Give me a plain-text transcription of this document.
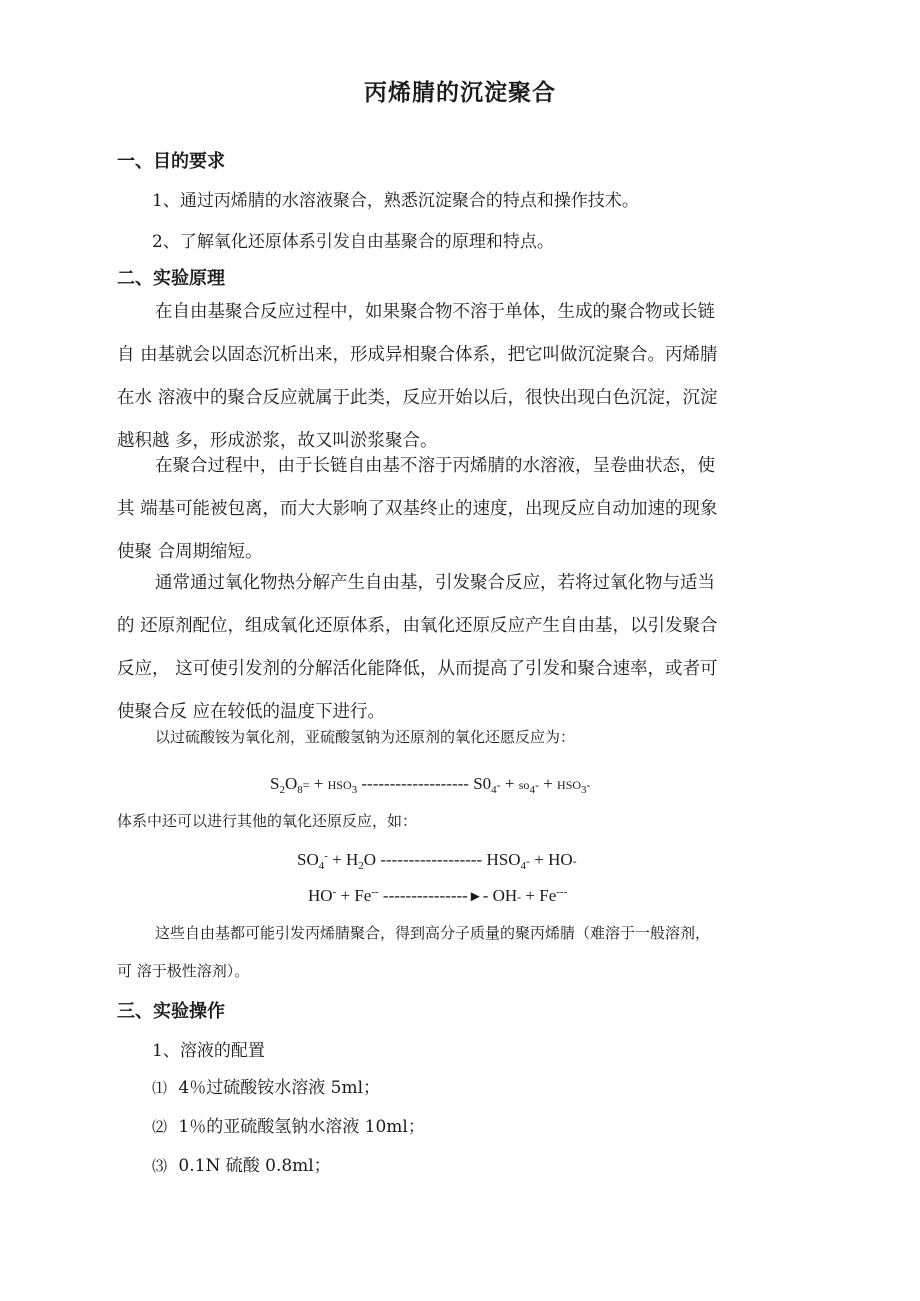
丙烯腈的沉淀聚合
一、目的要求
1、通过丙烯腈的水溶液聚合，熟悉沉淀聚合的特点和操作技术。
2、了解氧化还原体系引发自由基聚合的原理和特点。
二、实验原理
在自由基聚合反应过程中，如果聚合物不溶于单体，生成的聚合物或长链
自 由基就会以固态沉析出来，形成异相聚合体系，把它叫做沉淀聚合。丙烯腈
在水 溶液中的聚合反应就属于此类，反应开始以后，很快出现白色沉淀，沉淀
越积越 多，形成淤浆，故又叫淤浆聚合。
在聚合过程中，由于长链自由基不溶于丙烯腈的水溶液，呈卷曲状态，使
其 端基可能被包离，而大大影响了双基终止的速度，出现反应自动加速的现象
使聚 合周期缩短。
通常通过氧化物热分解产生自由基，引发聚合反应，若将过氧化物与适当
的 还原剂配位，组成氧化还原体系，由氧化还原反应产生自由基，以引发聚合
反应， 这可使引发剂的分解活化能降低，从而提高了引发和聚合速率，或者可
使聚合反 应在较低的温度下进行。
以过硫酸铵为氧化剂，亚硫酸氢钠为还原剂的氧化还愿反应为：
$S_2O_8= + HSO_3$ ------------------- $S0_4- + so_4- + HSO_3-$
体系中还可以进行其他的氧化还原反应，如：
$SO_4^- + H_2O$ ------------------ $HSO_4- + HO-$
HO- + Fe-- ---------------►- OH- + Fe---
这些自由基都可能引发丙烯腈聚合，得到高分子质量的聚丙烯腈（难溶于一般溶剂，
可 溶于极性溶剂）。
三、实验操作
1、溶液的配置
⑴ 4％过硫酸铵水溶液 5ml；
⑵ 1％的亚硫酸氢钠水溶液 10ml；
⑶ 0.1N 硫酸 0.8ml；
